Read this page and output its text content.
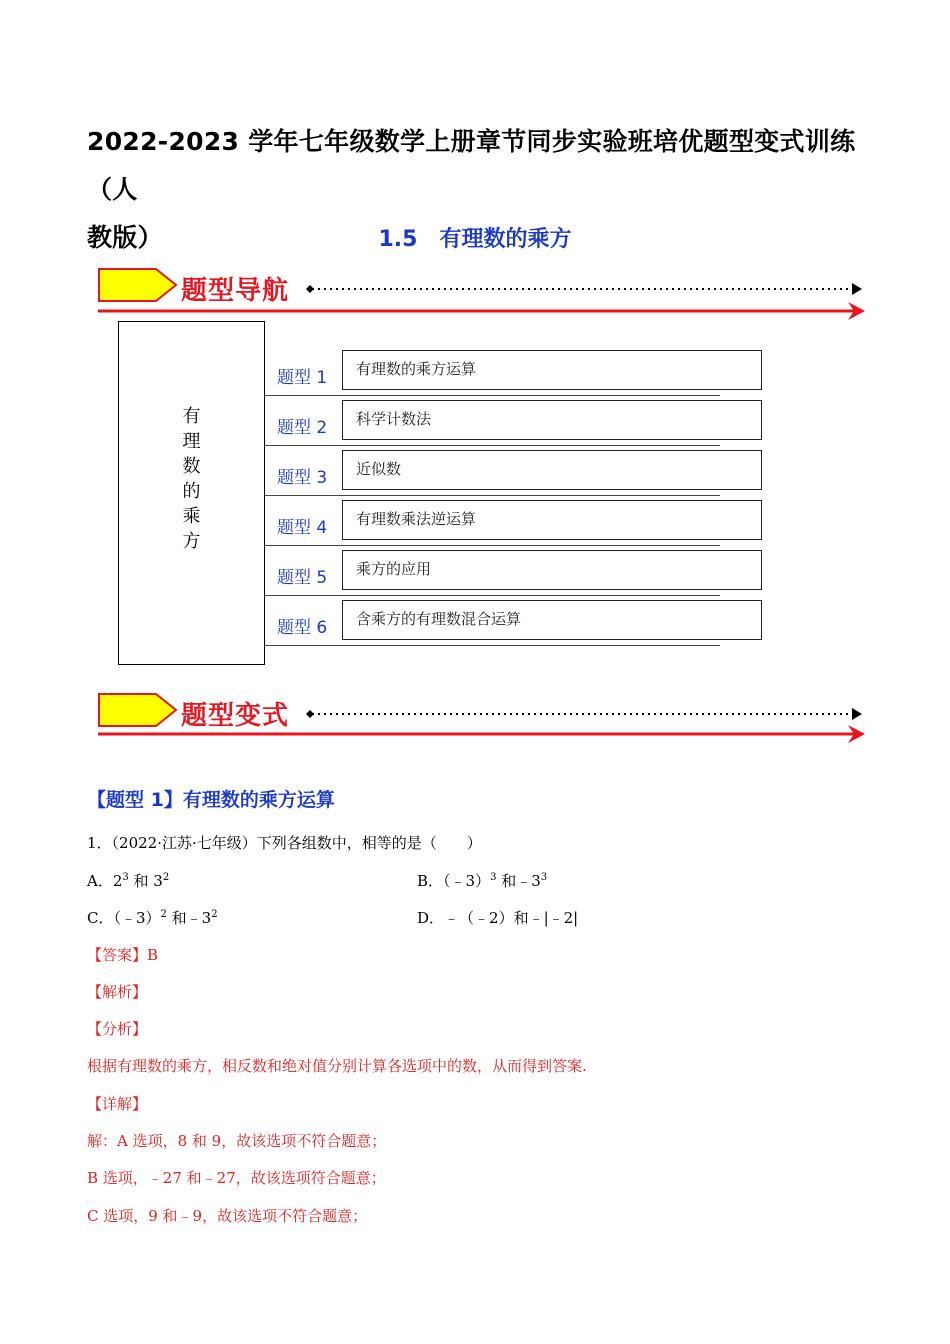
2022-2023 学年七年级数学上册章节同步实验班培优题型变式训练（人
教版）	1.5　有理数的乘方
题型导航
有
理
数
的
乘
方
题型 1	有理数的乘方运算
题型 2	科学计数法
题型 3	近似数
题型 4	有理数乘法逆运算
题型 5	乘方的应用
题型 6	含乘方的有理数混合运算
题型变式
【题型 1】有理数的乘方运算
1．（2022·江苏·七年级）下列各组数中，相等的是（　　）
A．$2^3$ 和 $3^2$	B．（﹣3）$^3$ 和$﹣3^3$
C．（﹣3）$^2$ 和$﹣3^2$	D．﹣（﹣2）和﹣|﹣2|
【答案】B
【解析】
【分析】
根据有理数的乘方，相反数和绝对值分别计算各选项中的数，从而得到答案.
【详解】
解：A 选项，8 和 9，故该选项不符合题意；
B 选项，﹣27 和﹣27，故该选项符合题意；
C 选项，9 和﹣9，故该选项不符合题意；
